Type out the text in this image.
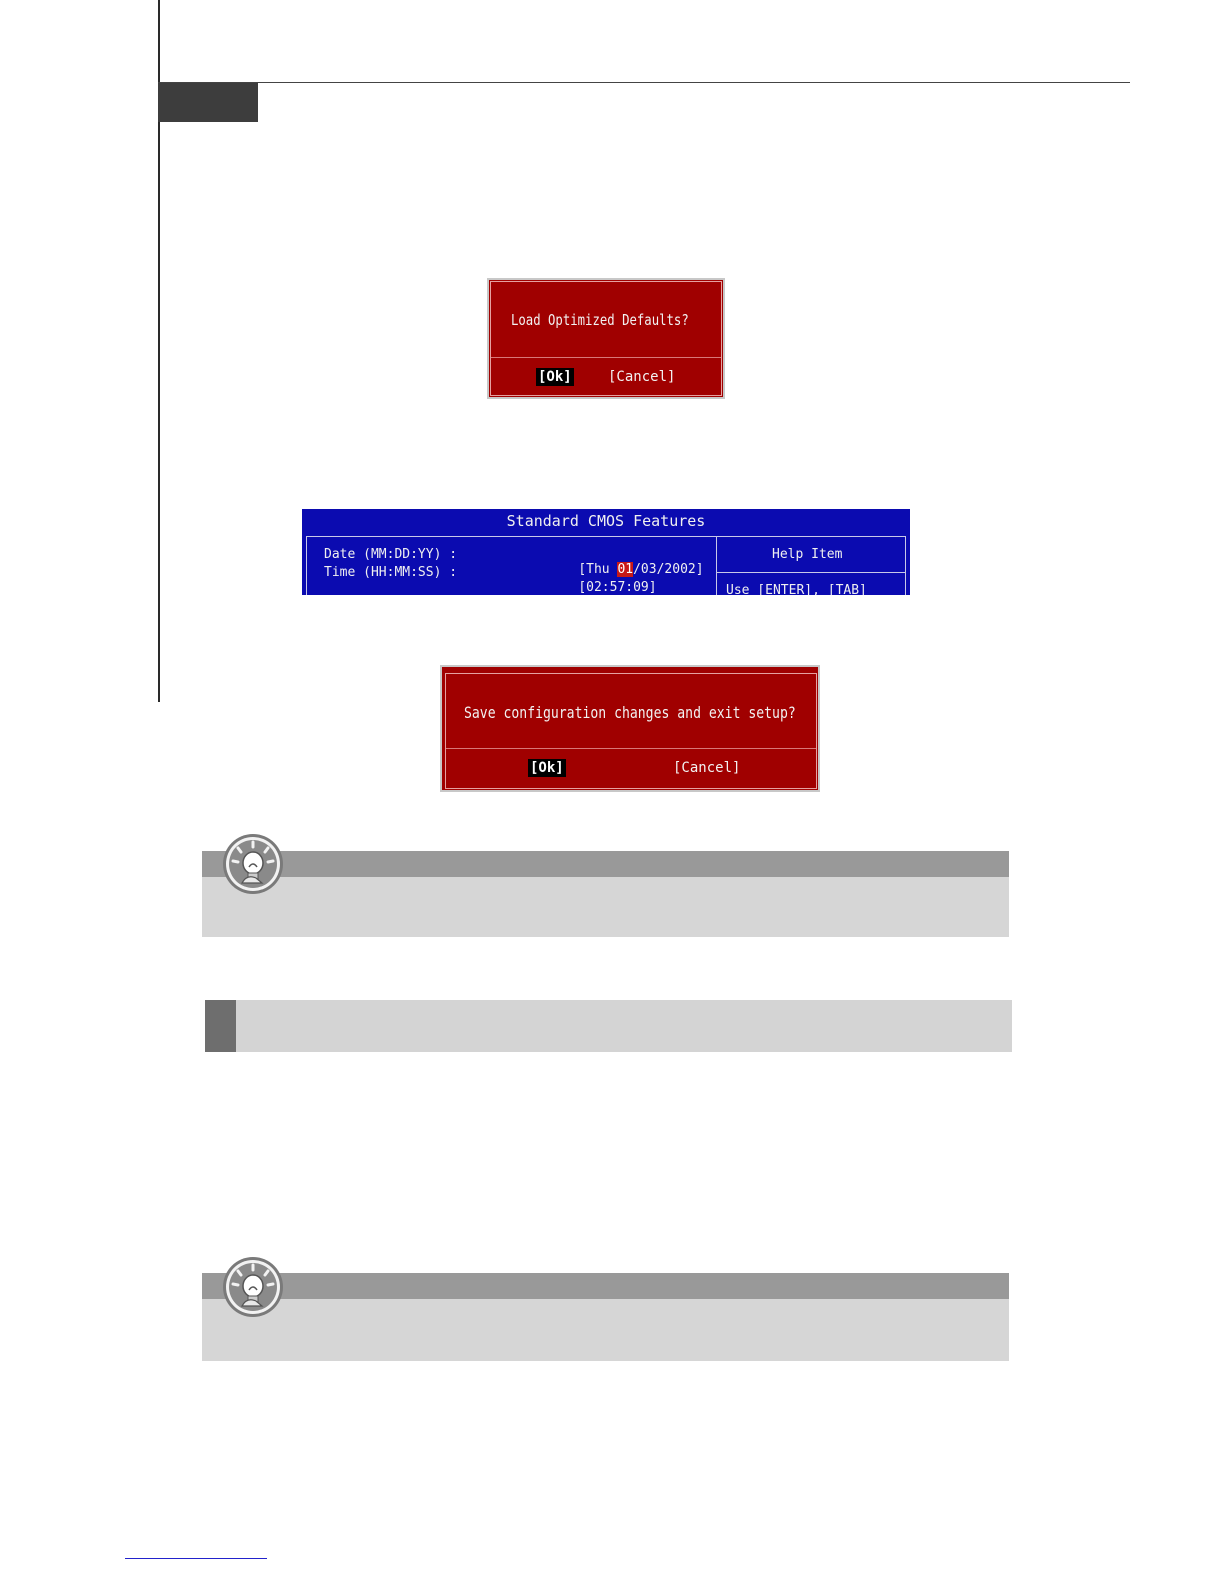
Load Optimized Defaults?
[Ok]	[Cancel]
Standard CMOS Features
Date (MM:DD:YY) :

[Thu 01/03/2002]

Time (HH:MM:SS) :

[02:57:09]

Help Item
Use [ENTER], [TAB]
Save configuration changes and exit setup?
[Ok]	[Cancel]
